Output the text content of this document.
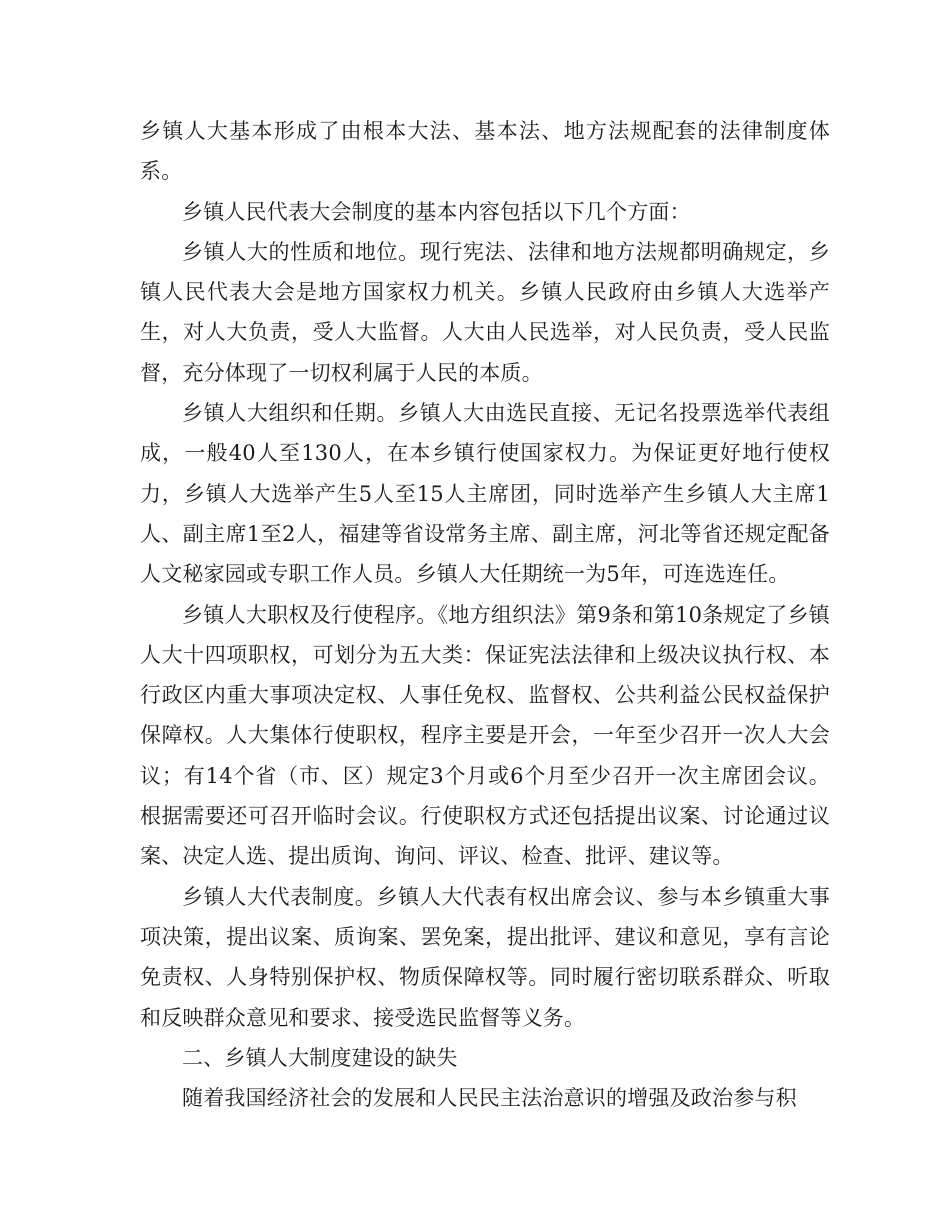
乡镇人大基本形成了由根本大法、基本法、地方法规配套的法律制度体系。

乡镇人民代表大会制度的基本内容包括以下几个方面：

乡镇人大的性质和地位。现行宪法、法律和地方法规都明确规定，乡镇人民代表大会是地方国家权力机关。乡镇人民政府由乡镇人大选举产生，对人大负责，受人大监督。人大由人民选举，对人民负责，受人民监督，充分体现了一切权利属于人民的本质。

乡镇人大组织和任期。乡镇人大由选民直接、无记名投票选举代表组成，一般40人至130人，在本乡镇行使国家权力。为保证更好地行使权力，乡镇人大选举产生5人至15人主席团，同时选举产生乡镇人大主席1人、副主席1至2人，福建等省设常务主席、副主席，河北等省还规定配备人文秘家园或专职工作人员。乡镇人大任期统一为5年，可连选连任。

乡镇人大职权及行使程序。《地方组织法》第9条和第10条规定了乡镇人大十四项职权，可划分为五大类：保证宪法法律和上级决议执行权、本行政区内重大事项决定权、人事任免权、监督权、公共利益公民权益保护保障权。人大集体行使职权，程序主要是开会，一年至少召开一次人大会议；有14个省（市、区）规定3个月或6个月至少召开一次主席团会议。根据需要还可召开临时会议。行使职权方式还包括提出议案、讨论通过议案、决定人选、提出质询、询问、评议、检查、批评、建议等。

乡镇人大代表制度。乡镇人大代表有权出席会议、参与本乡镇重大事项决策，提出议案、质询案、罢免案，提出批评、建议和意见，享有言论免责权、人身特别保护权、物质保障权等。同时履行密切联系群众、听取和反映群众意见和要求、接受选民监督等义务。

二、乡镇人大制度建设的缺失

随着我国经济社会的发展和人民民主法治意识的增强及政治参与积
